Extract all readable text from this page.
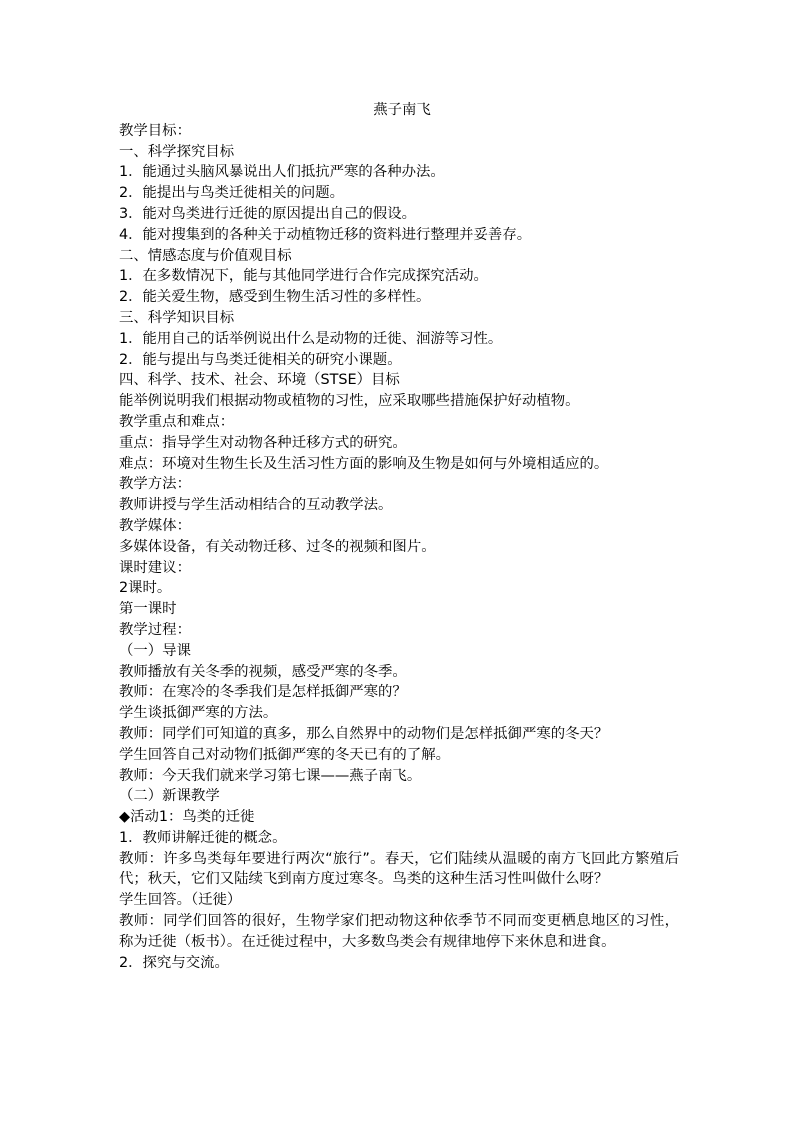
燕子南飞
教学目标：
一、科学探究目标
1．能通过头脑风暴说出人们抵抗严寒的各种办法。
2．能提出与鸟类迁徙相关的问题。
3．能对鸟类进行迁徙的原因提出自己的假设。
4．能对搜集到的各种关于动植物迁移的资料进行整理并妥善存。
二、情感态度与价值观目标
1．在多数情况下，能与其他同学进行合作完成探究活动。
2．能关爱生物，感受到生物生活习性的多样性。
三、科学知识目标
1．能用自己的话举例说出什么是动物的迁徙、洄游等习性。
2．能与提出与鸟类迁徙相关的研究小课题。
四、科学、技术、社会、环境（STSE）目标
能举例说明我们根据动物或植物的习性，应采取哪些措施保护好动植物。
教学重点和难点：
重点：指导学生对动物各种迁移方式的研究。
难点：环境对生物生长及生活习性方面的影响及生物是如何与外境相适应的。
教学方法：
教师讲授与学生活动相结合的互动教学法。
教学媒体：
多媒体设备，有关动物迁移、过冬的视频和图片。
课时建议：
2课时。
第一课时
教学过程：
（一）导课
教师播放有关冬季的视频，感受严寒的冬季。
教师：在寒冷的冬季我们是怎样抵御严寒的？
学生谈抵御严寒的方法。
教师：同学们可知道的真多，那么自然界中的动物们是怎样抵御严寒的冬天？
学生回答自己对动物们抵御严寒的冬天已有的了解。
教师：今天我们就来学习第七课——燕子南飞。
（二）新课教学
◆活动1：鸟类的迁徙
1．教师讲解迁徙的概念。
教师：许多鸟类每年要进行两次“旅行”。春天，它们陆续从温暖的南方飞回此方繁殖后代；秋天，它们又陆续飞到南方度过寒冬。鸟类的这种生活习性叫做什么呀？
学生回答。（迁徙）
教师：同学们回答的很好，生物学家们把动物这种依季节不同而变更栖息地区的习性，称为迁徙（板书）。在迁徙过程中，大多数鸟类会有规律地停下来休息和进食。
2．探究与交流。
